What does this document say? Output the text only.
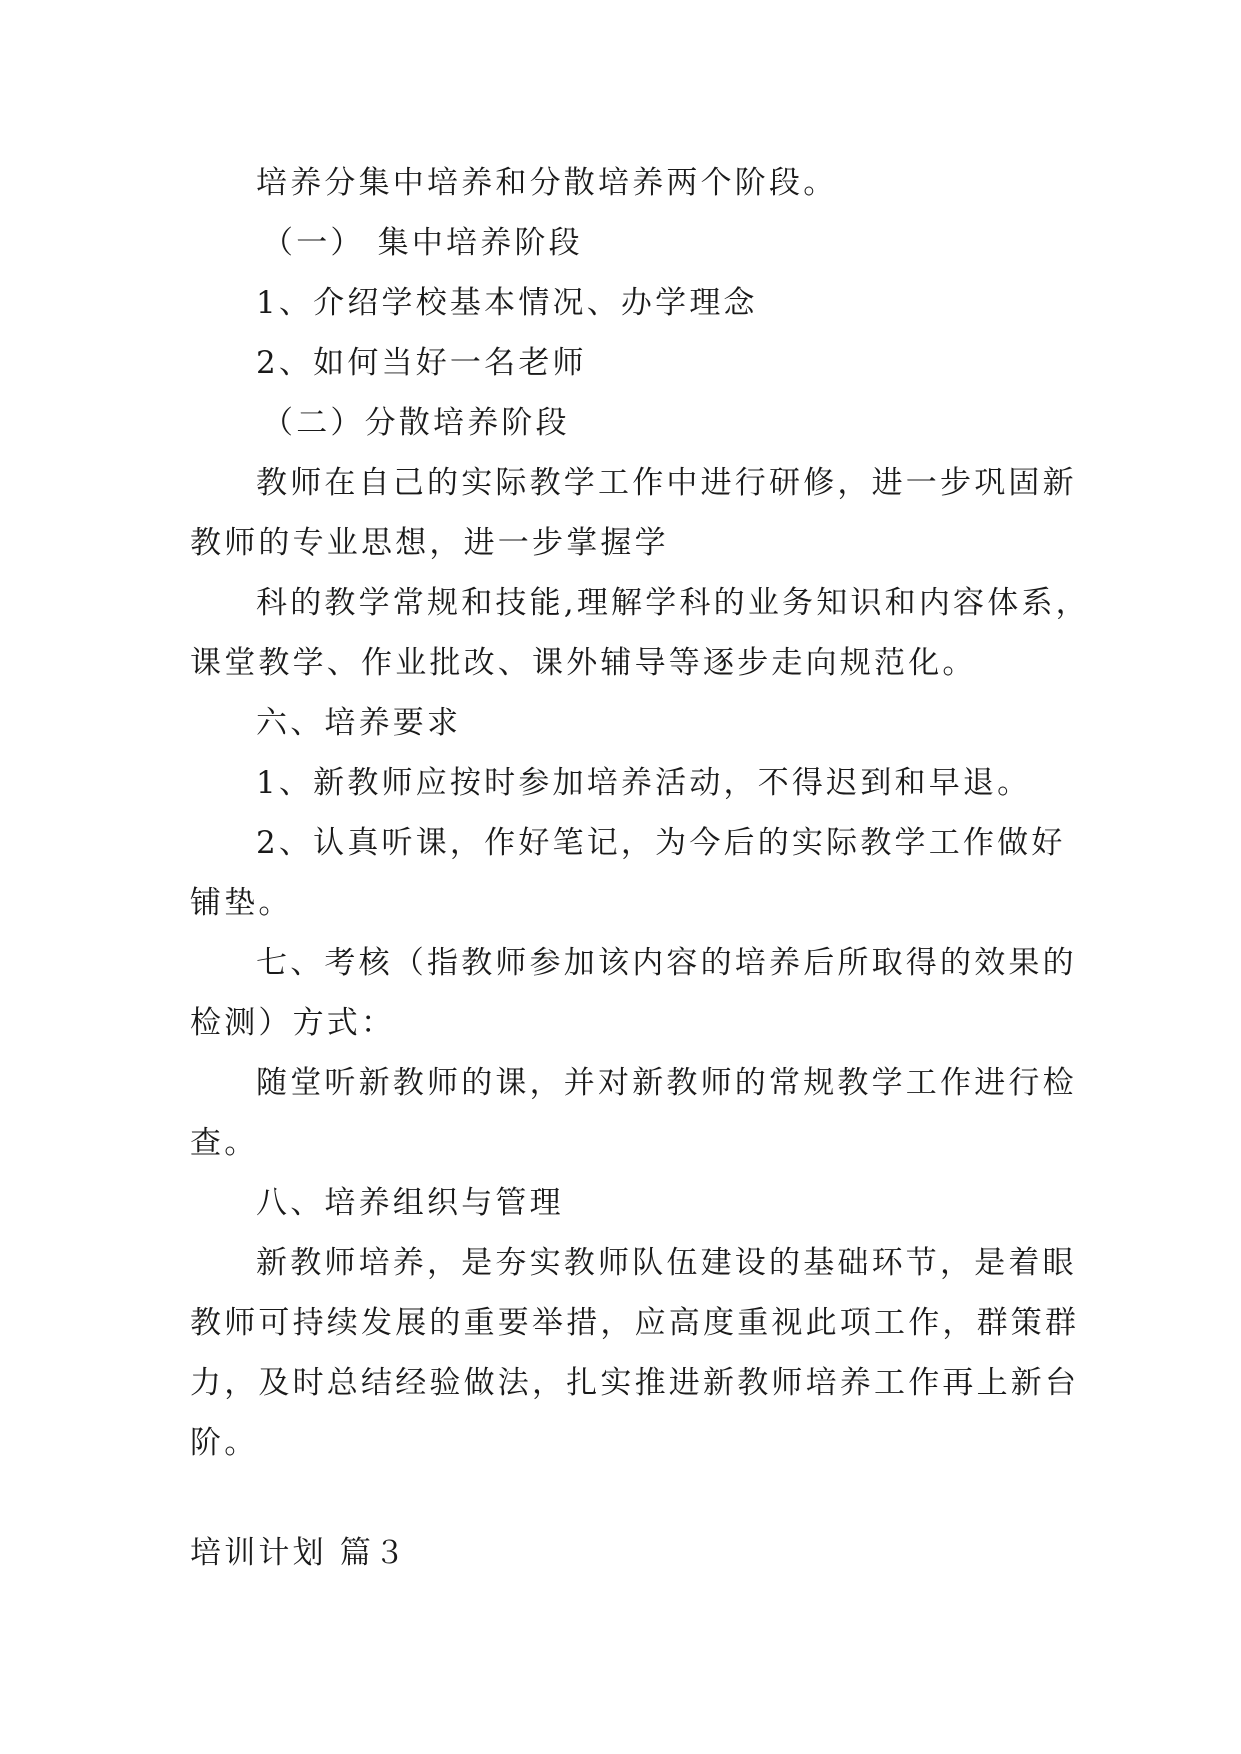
培养分集中培养和分散培养两个阶段。
（一） 集中培养阶段
1、介绍学校基本情况、办学理念
2、如何当好一名老师
（二）分散培养阶段
教师在自己的实际教学工作中进行研修，进一步巩固新
教师的专业思想，进一步掌握学
科的教学常规和技能,理解学科的业务知识和内容体系，
课堂教学、作业批改、课外辅导等逐步走向规范化。
六、培养要求
1、新教师应按时参加培养活动，不得迟到和早退。
2、认真听课，作好笔记，为今后的实际教学工作做好
铺垫。
七、考核（指教师参加该内容的培养后所取得的效果的
检测）方式：
随堂听新教师的课，并对新教师的常规教学工作进行检
查。
八、培养组织与管理
新教师培养，是夯实教师队伍建设的基础环节，是着眼
教师可持续发展的重要举措，应高度重视此项工作，群策群
力，及时总结经验做法，扎实推进新教师培养工作再上新台
阶。
培训计划 篇３
